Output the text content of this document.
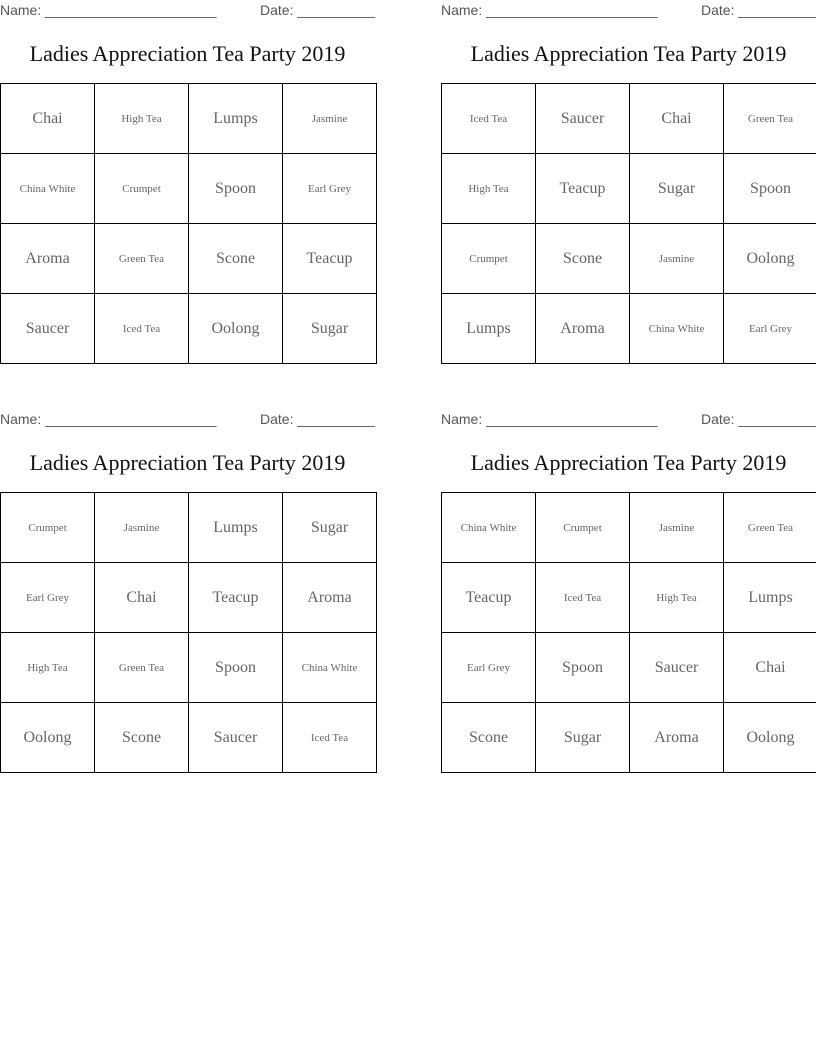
Name: ______________________	Date: __________
Ladies Appreciation Tea Party 2019
Chai	High Tea	Lumps	Jasmine
China White	Crumpet	Spoon	Earl Grey
Aroma	Green Tea	Scone	Teacup
Saucer	Iced Tea	Oolong	Sugar
Name: ______________________	Date: __________
Ladies Appreciation Tea Party 2019
Iced Tea	Saucer	Chai	Green Tea
High Tea	Teacup	Sugar	Spoon
Crumpet	Scone	Jasmine	Oolong
Lumps	Aroma	China White	Earl Grey
Name: ______________________	Date: __________
Ladies Appreciation Tea Party 2019
Crumpet	Jasmine	Lumps	Sugar
Earl Grey	Chai	Teacup	Aroma
High Tea	Green Tea	Spoon	China White
Oolong	Scone	Saucer	Iced Tea
Name: ______________________	Date: __________
Ladies Appreciation Tea Party 2019
China White	Crumpet	Jasmine	Green Tea
Teacup	Iced Tea	High Tea	Lumps
Earl Grey	Spoon	Saucer	Chai
Scone	Sugar	Aroma	Oolong
